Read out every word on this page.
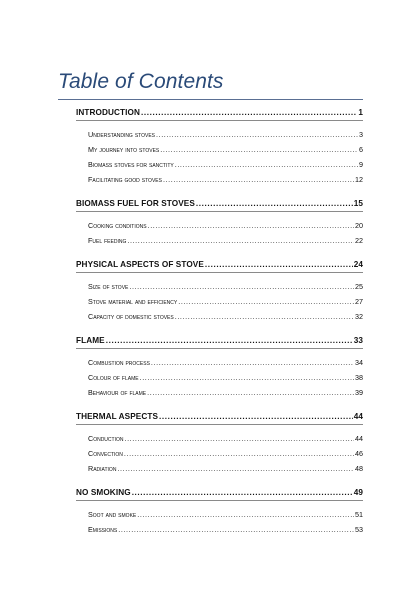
Table of Contents
INTRODUCTION .....	1
Understanding stoves .....	3
My journey into stoves .....	6
Biomass stoves for sanctity .....	9
Facilitating good stoves .....	12
BIOMASS FUEL FOR STOVES .....	15
Cooking conditions .....	20
Fuel feeding .....	22
PHYSICAL ASPECTS OF STOVE .....	24
Size of stove .....	25
Stove material and efficiency .....	27
Capacity of domestic stoves .....	32
FLAME .....	33
Combustion process .....	34
Colour of flame .....	38
Behaviour of flame .....	39
THERMAL ASPECTS .....	44
Conduction .....	44
Convection .....	46
Radiation .....	48
NO SMOKING .....	49
Soot and smoke .....	51
Emissions .....	53
